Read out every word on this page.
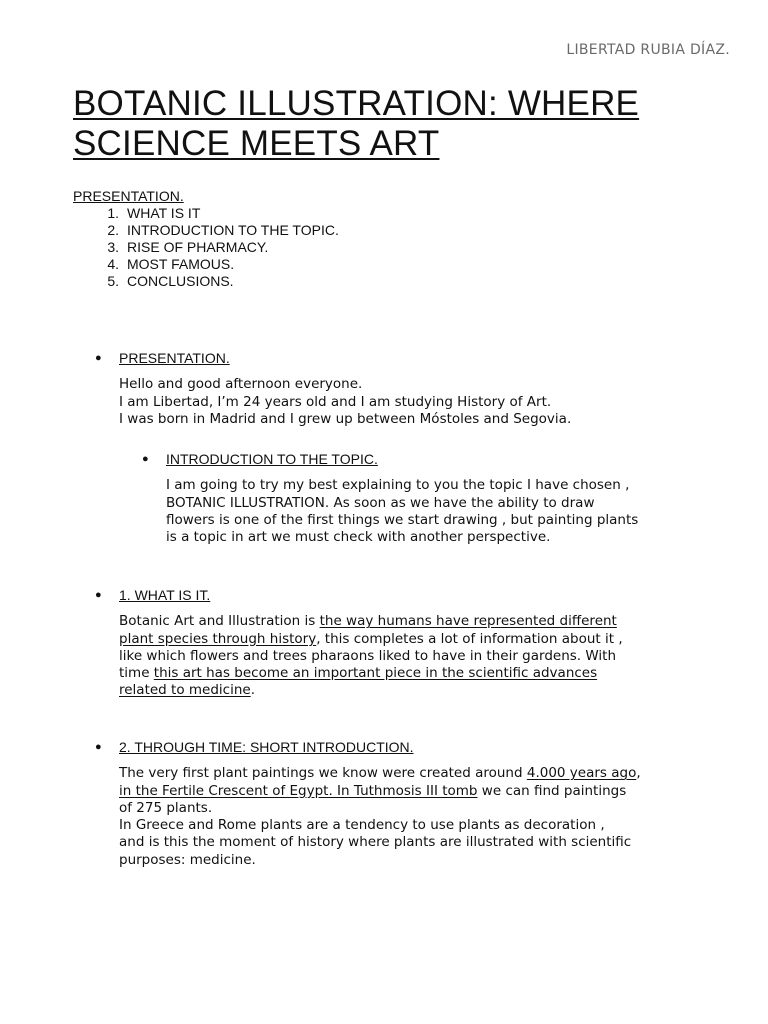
LIBERTAD RUBIA DÍAZ.
BOTANIC ILLUSTRATION: WHERE
SCIENCE MEETS ART
PRESENTATION.
1. WHAT IS IT
2. INTRODUCTION TO THE TOPIC.
3. RISE OF PHARMACY.
4. MOST FAMOUS.
5. CONCLUSIONS.
● PRESENTATION.

Hello and good afternoon everyone.

I am Libertad, I’m 24 years old and I am studying History of Art.

I was born in Madrid and I grew up between Móstoles and Segovia.

● INTRODUCTION TO THE TOPIC.

I am going to try my best explaining to you the topic I have chosen ,

BOTANIC ILLUSTRATION. As soon as we have the ability to draw

flowers is one of the first things we start drawing , but painting plants

is a topic in art we must check with another perspective.

● 1. WHAT IS IT.

Botanic Art and Illustration is the way humans have represented different

plant species through history, this completes a lot of information about it ,

like which flowers and trees pharaons liked to have in their gardens. With

time this art has become an important piece in the scientific advances

related to medicine.

● 2. THROUGH TIME: SHORT INTRODUCTION.

The very first plant paintings we know were created around 4.000 years ago,

in the Fertile Crescent of Egypt. In Tuthmosis III tomb we can find paintings

of 275 plants.

In Greece and Rome plants are a tendency to use plants as decoration ,

and is this the moment of history where plants are illustrated with scientific

purposes: medicine.
